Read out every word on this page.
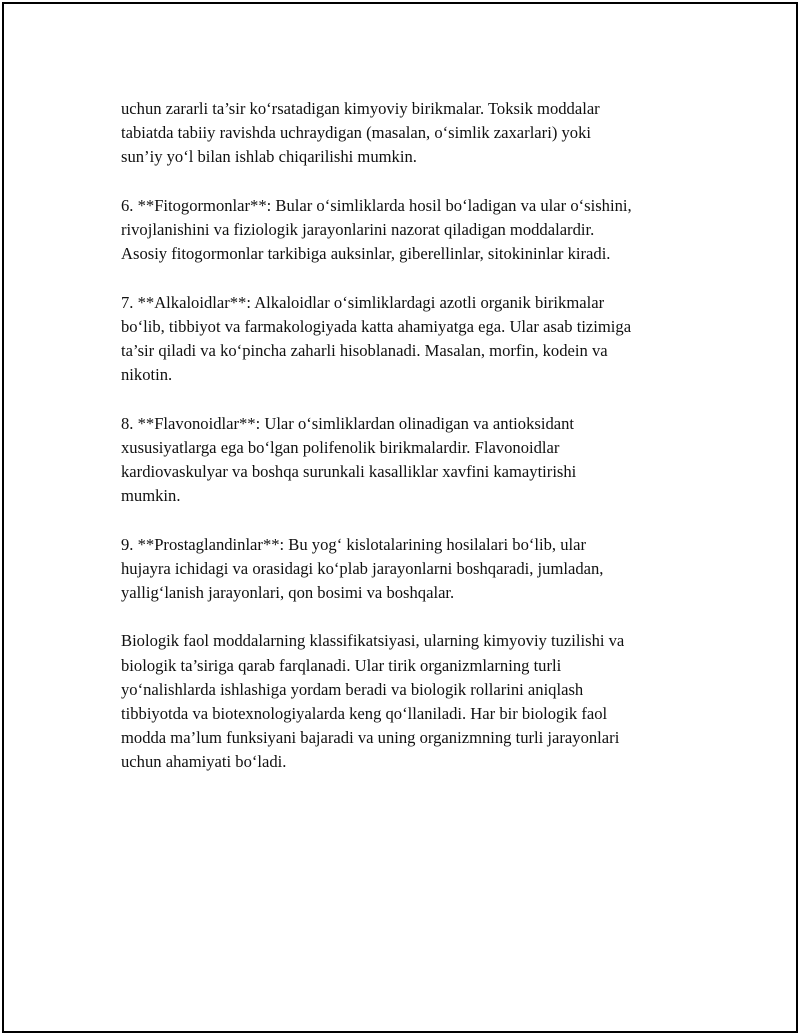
uchun zararli ta’sir ko‘rsatadigan kimyoviy birikmalar. Toksik moddalar
tabiatda tabiiy ravishda uchraydigan (masalan, o‘simlik zaxarlari) yoki
sun’iy yo‘l bilan ishlab chiqarilishi mumkin.

6. **Fitogormonlar**: Bular o‘simliklarda hosil bo‘ladigan va ular o‘sishini,
rivojlanishini va fiziologik jarayonlarini nazorat qiladigan moddalardir.
Asosiy fitogormonlar tarkibiga auksinlar, giberellinlar, sitokininlar kiradi.

7. **Alkaloidlar**: Alkaloidlar o‘simliklardagi azotli organik birikmalar
bo‘lib, tibbiyot va farmakologiyada katta ahamiyatga ega. Ular asab tizimiga
ta’sir qiladi va ko‘pincha zaharli hisoblanadi. Masalan, morfin, kodein va
nikotin.

8. **Flavonoidlar**: Ular o‘simliklardan olinadigan va antioksidant
xususiyatlarga ega bo‘lgan polifenolik birikmalardir. Flavonoidlar
kardiovaskulyar va boshqa surunkali kasalliklar xavfini kamaytirishi
mumkin.

9. **Prostaglandinlar**: Bu yog‘ kislotalarining hosilalari bo‘lib, ular
hujayra ichidagi va orasidagi ko‘plab jarayonlarni boshqaradi, jumladan,
yallig‘lanish jarayonlari, qon bosimi va boshqalar.

Biologik faol moddalarning klassifikatsiyasi, ularning kimyoviy tuzilishi va
biologik ta’siriga qarab farqlanadi. Ular tirik organizmlarning turli
yo‘nalishlarda ishlashiga yordam beradi va biologik rollarini aniqlash
tibbiyotda va biotexnologiyalarda keng qo‘llaniladi. Har bir biologik faol
modda ma’lum funksiyani bajaradi va uning organizmning turli jarayonlari
uchun ahamiyati bo‘ladi.
